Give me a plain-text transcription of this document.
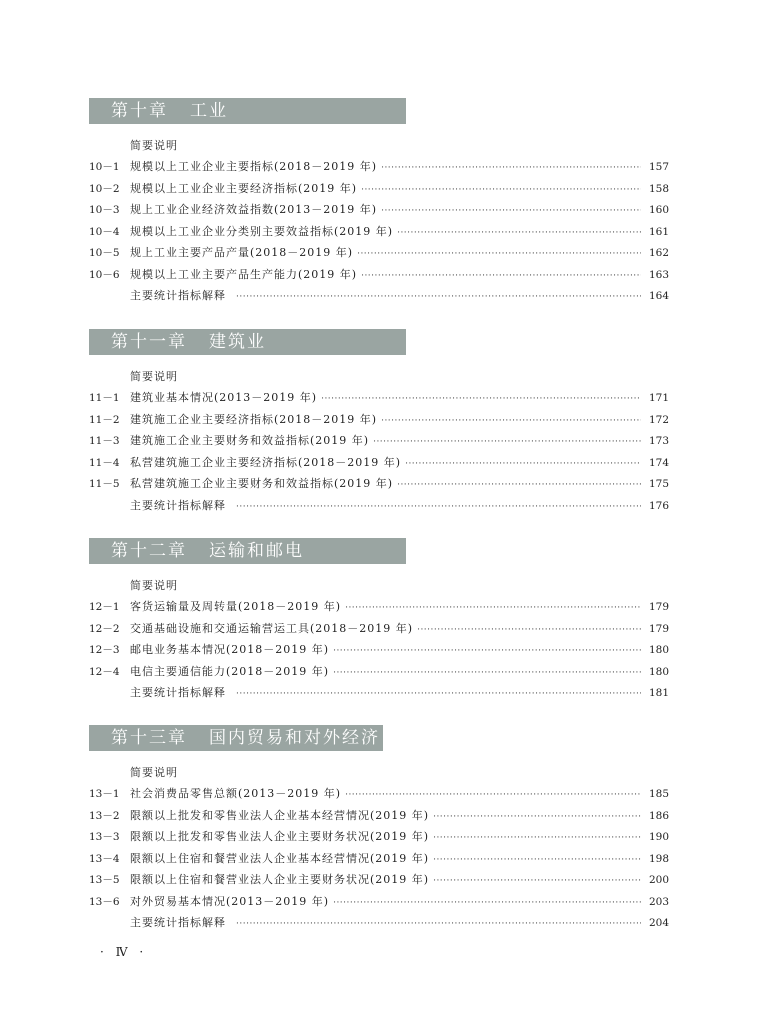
第十章 工业
简要说明
10－1 规模以上工业企业主要指标(2018－2019 年) ·····	157
10－2 规模以上工业企业主要经济指标(2019 年) ·····	158
10－3 规上工业企业经济效益指数(2013－2019 年) ·····	160
10－4 规模以上工业企业分类别主要效益指标(2019 年) ·····	161
10－5 规上工业主要产品产量(2018－2019 年) ·····	162
10－6 规模以上工业主要产品生产能力(2019 年) ·····	163
主要统计指标解释 ·····	164
第十一章 建筑业
简要说明
11－1 建筑业基本情况(2013－2019 年) ·····	171
11－2 建筑施工企业主要经济指标(2018－2019 年) ·····	172
11－3 建筑施工企业主要财务和效益指标(2019 年) ·····	173
11－4 私营建筑施工企业主要经济指标(2018－2019 年) ·····	174
11－5 私营建筑施工企业主要财务和效益指标(2019 年) ·····	175
主要统计指标解释 ·····	176
第十二章 运输和邮电
简要说明
12－1 客货运输量及周转量(2018－2019 年) ·····	179
12－2 交通基础设施和交通运输营运工具(2018－2019 年) ·····	179
12－3 邮电业务基本情况(2018－2019 年) ·····	180
12－4 电信主要通信能力(2018－2019 年) ·····	180
主要统计指标解释 ·····	181
第十三章 国内贸易和对外经济
简要说明
13－1 社会消费品零售总额(2013－2019 年) ·····	185
13－2 限额以上批发和零售业法人企业基本经营情况(2019 年) ·····	186
13－3 限额以上批发和零售业法人企业主要财务状况(2019 年) ·····	190
13－4 限额以上住宿和餐营业法人企业基本经营情况(2019 年) ·····	198
13－5 限额以上住宿和餐营业法人企业主要财务状况(2019 年) ·····	200
13－6 对外贸易基本情况(2013－2019 年) ·····	203
主要统计指标解释 ·····	204
· Ⅳ ·
